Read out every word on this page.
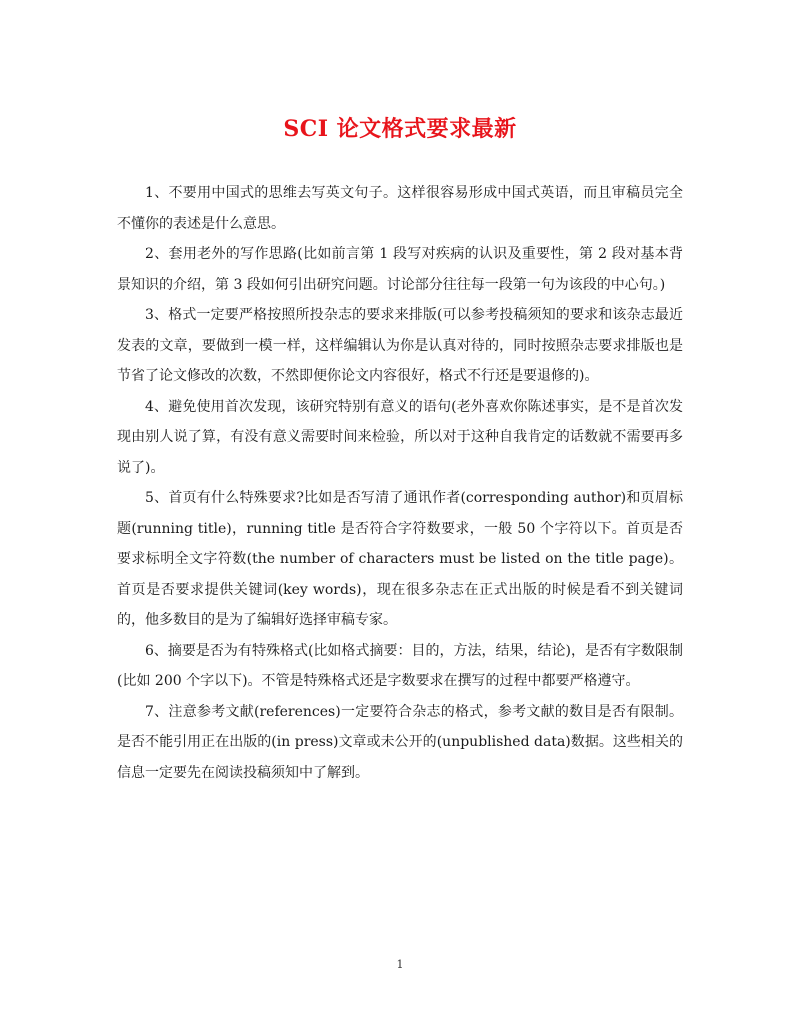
SCI 论文格式要求最新

1、不要用中国式的思维去写英文句子。这样很容易形成中国式英语，而且审稿员完全不懂你的表述是什么意思。

2、套用老外的写作思路(比如前言第 1 段写对疾病的认识及重要性，第 2 段对基本背景知识的介绍，第 3 段如何引出研究问题。讨论部分往往每一段第一句为该段的中心句。)

3、格式一定要严格按照所投杂志的要求来排版(可以参考投稿须知的要求和该杂志最近发表的文章，要做到一模一样，这样编辑认为你是认真对待的，同时按照杂志要求排版也是节省了论文修改的次数，不然即便你论文内容很好，格式不行还是要退修的)。

4、避免使用首次发现，该研究特别有意义的语句(老外喜欢你陈述事实，是不是首次发现由别人说了算，有没有意义需要时间来检验，所以对于这种自我肯定的话数就不需要再多说了)。

5、首页有什么特殊要求?比如是否写清了通讯作者(corresponding author)和页眉标题(running title)，running title 是否符合字符数要求，一般 50 个字符以下。首页是否要求标明全文字符数(the number of characters must be listed on the title page)。首页是否要求提供关键词(key words)，现在很多杂志在正式出版的时候是看不到关键词的，他多数目的是为了编辑好选择审稿专家。

6、摘要是否为有特殊格式(比如格式摘要：目的，方法，结果，结论)，是否有字数限制(比如 200 个字以下)。不管是特殊格式还是字数要求在撰写的过程中都要严格遵守。

7、注意参考文献(references)一定要符合杂志的格式，参考文献的数目是否有限制。是否不能引用正在出版的(in press)文章或未公开的(unpublished data)数据。这些相关的信息一定要先在阅读投稿须知中了解到。

1
